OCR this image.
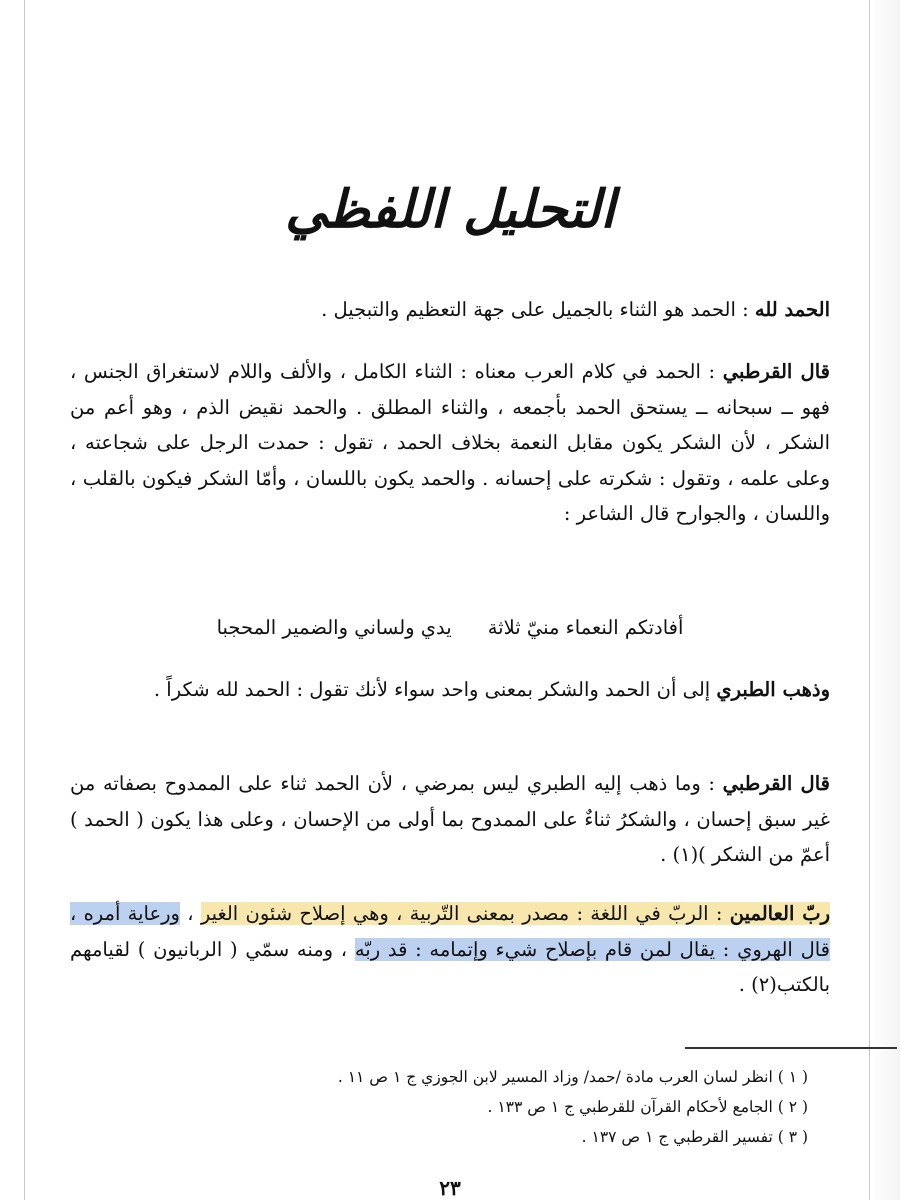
التحليل اللفظي
الحمد لله : الحمد هو الثناء بالجميل على جهة التعظيم والتبجيل .
قال القرطبي : الحمد في كلام العرب معناه : الثناء الكامل ، والألف واللام لاستغراق الجنس ، فهو ــ سبحانه ــ يستحق الحمد بأجمعه ، والثناء المطلق . والحمد نقيض الذم ، وهو أعم من الشكر ، لأن الشكر يكون مقابل النعمة بخلاف الحمد ، تقول : حمدت الرجل على شجاعته ، وعلى علمه ، وتقول : شكرته على إحسانه . والحمد يكون باللسان ، وأمّا الشكر فيكون بالقلب ، واللسان ، والجوارح قال الشاعر :
أفادتكم النعماء منيّ ثلاثةيدي ولساني والضمير المحجبا
وذهب الطبري إلى أن الحمد والشكر بمعنى واحد سواء لأنك تقول : الحمد لله شكراً .
قال القرطبي : وما ذهب إليه الطبري ليس بمرضي ، لأن الحمد ثناء على الممدوح بصفاته من غير سبق إحسان ، والشكرُ ثناءٌ على الممدوح بما أولى من الإحسان ، وعلى هذا يكون ( الحمد ) أعمّ من الشكر )(١) .
ربّ العالمين : الربّ في اللغة : مصدر بمعنى التّربية ، وهي إصلاح شئون الغير ، ورعاية أمره ، قال الهروي : يقال لمن قام بإصلاح شيء وإتمامه : قد ربّه ، ومنه سمّي ( الربانيون ) لقيامهم بالكتب(٢) .
( ١ ) انظر لسان العرب مادة /حمد/ وزاد المسير لابن الجوزي ج ١ ص ١١ .
( ٢ ) الجامع لأحكام القرآن للقرطبي ج ١ ص ١٣٣ .
( ٣ ) تفسير القرطبي ج ١ ص ١٣٧ .
٢٣
